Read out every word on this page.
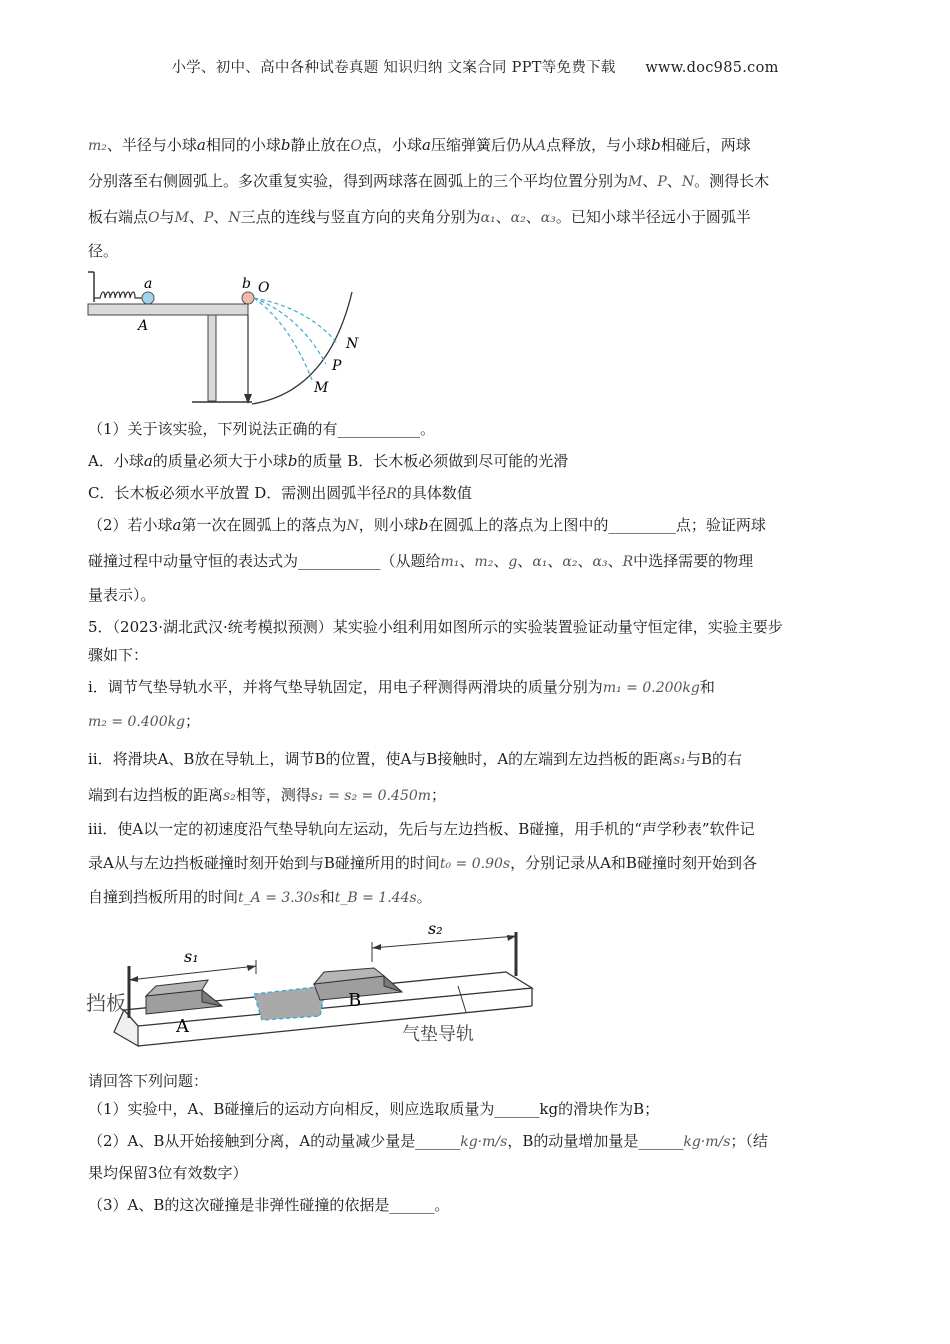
小学、初中、高中各种试卷真题 知识归纳 文案合同 PPT等免费下载　　www.doc985.com
m₂、半径与小球a相同的小球b静止放在O点，小球a压缩弹簧后仍从A点释放，与小球b相碰后，两球
分别落至右侧圆弧上。多次重复实验，得到两球落在圆弧上的三个平均位置分别为M、P、N。测得长木
板右端点O与M、P、N三点的连线与竖直方向的夹角分别为α₁、α₂、α₃。已知小球半径远小于圆弧半
径。
a	b O
A
N
P
M
（1）关于该实验，下列说法正确的有___________。
A．小球a的质量必须大于小球b的质量 B．长木板必须做到尽可能的光滑
C．长木板必须水平放置 D．需测出圆弧半径R的具体数值
（2）若小球a第一次在圆弧上的落点为N，则小球b在圆弧上的落点为上图中的_________点；验证两球
碰撞过程中动量守恒的表达式为___________（从题给m₁、m₂、g、α₁、α₂、α₃、R中选择需要的物理
量表示）。
5．（2023·湖北武汉·统考模拟预测）某实验小组利用如图所示的实验装置验证动量守恒定律，实验主要步
骤如下：
ⅰ．调节气垫导轨水平，并将气垫导轨固定，用电子秤测得两滑块的质量分别为m₁ = 0.200kg和
m₂ = 0.400kg；
ⅱ．将滑块A、B放在导轨上，调节B的位置，使A与B接触时，A的左端到左边挡板的距离s₁与B的右
端到右边挡板的距离s₂相等，测得s₁ = s₂ = 0.450m；
ⅲ．使A以一定的初速度沿气垫导轨向左运动，先后与左边挡板、B碰撞，用手机的“声学秒表”软件记
录A从与左边挡板碰撞时刻开始到与B碰撞所用的时间t₀ = 0.90s，分别记录从A和B碰撞时刻开始到各
自撞到挡板所用的时间t_A = 3.30s和t_B = 1.44s。
A
B
s₁
s₂
挡板
气垫导轨
请回答下列问题：
（1）实验中，A、B碰撞后的运动方向相反，则应选取质量为______kg的滑块作为B；
（2）A、B从开始接触到分离，A的动量减少量是______kg·m/s，B的动量增加量是______kg·m/s；（结
果均保留3位有效数字）
（3）A、B的这次碰撞是非弹性碰撞的依据是______。
